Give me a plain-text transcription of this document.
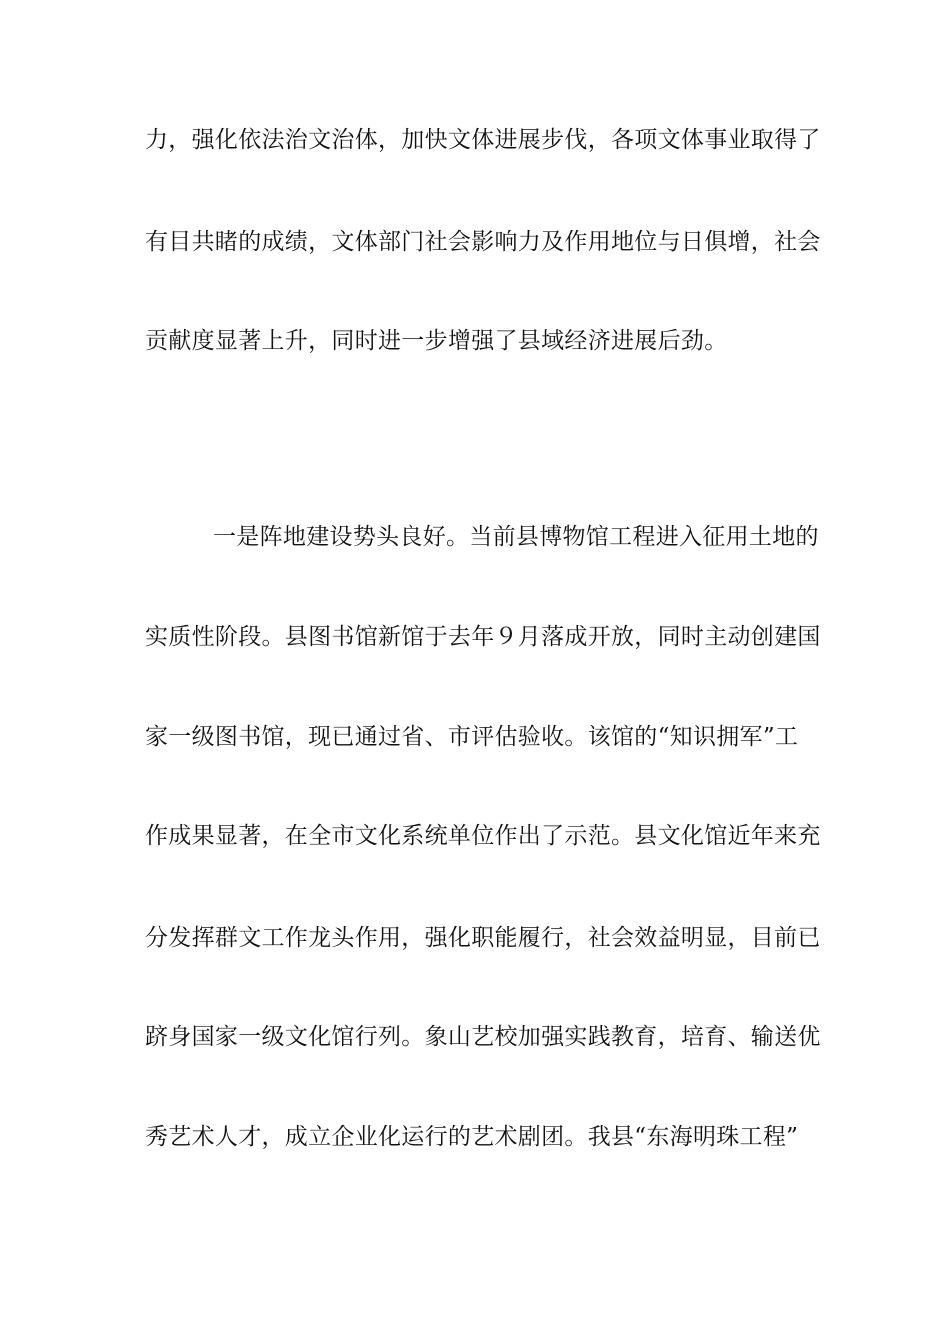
力，强化依法治文治体，加快文体进展步伐，各项文体事业取得了
有目共睹的成绩，文体部门社会影响力及作用地位与日俱增，社会
贡献度显著上升，同时进一步增强了县域经济进展后劲。
一是阵地建设势头良好。当前县博物馆工程进入征用土地的
实质性阶段。县图书馆新馆于去年９月落成开放，同时主动创建国
家一级图书馆，现已通过省、市评估验收。该馆的“知识拥军”工
作成果显著，在全市文化系统单位作出了示范。县文化馆近年来充
分发挥群文工作龙头作用，强化职能履行，社会效益明显，目前已
跻身国家一级文化馆行列。象山艺校加强实践教育，培育、输送优
秀艺术人才，成立企业化运行的艺术剧团。我县“东海明珠工程”
